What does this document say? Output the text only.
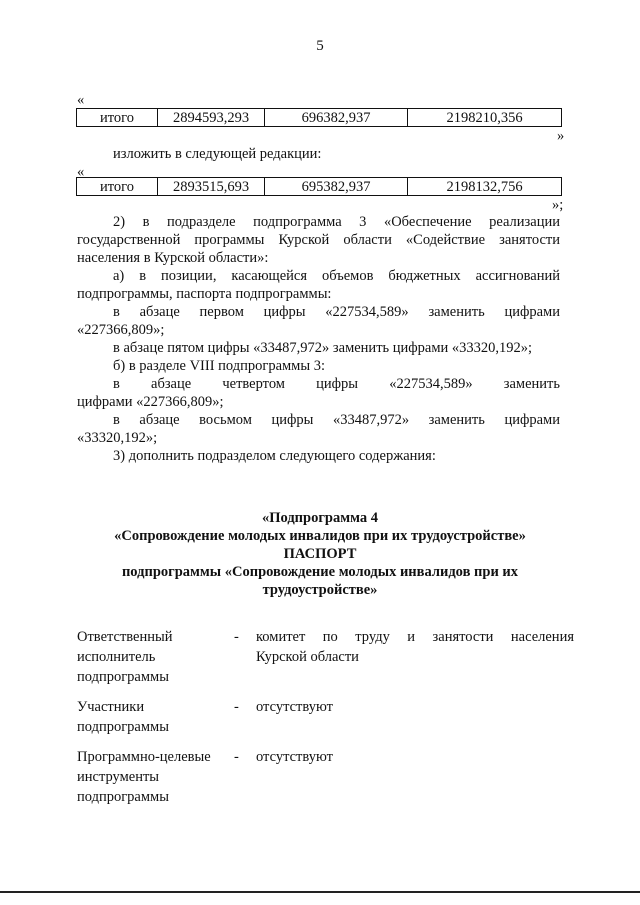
5
«
итого	2894593,293	696382,937	2198210,356
»
изложить в следующей редакции:
«
итого	2893515,693	695382,937	2198132,756
»;
2) в подразделе подпрограмма 3 «Обеспечение реализации
государственной программы Курской области «Содействие занятости
населения в Курской области»:
а) в позиции, касающейся объемов бюджетных ассигнований
подпрограммы, паспорта подпрограммы:
в абзаце первом цифры «227534,589» заменить цифрами
«227366,809»;
в абзаце пятом цифры «33487,972» заменить цифрами «33320,192»;
б) в разделе VIII подпрограммы 3:
в абзаце четвертом цифры «227534,589» заменить
цифрами «227366,809»;
в абзаце восьмом цифры «33487,972» заменить цифрами
«33320,192»;
3) дополнить подразделом следующего содержания:
«Подпрограмма 4
«Сопровождение молодых инвалидов при их трудоустройстве»
ПАСПОРТ
подпрограммы «Сопровождение молодых инвалидов при их
трудоустройстве»
Ответственный
исполнитель
подпрограммы
- комитет по труду и занятости населения
Курской области
Участники
подпрограммы
- отсутствуют
Программно-целевые
инструменты
подпрограммы
- отсутствуют
